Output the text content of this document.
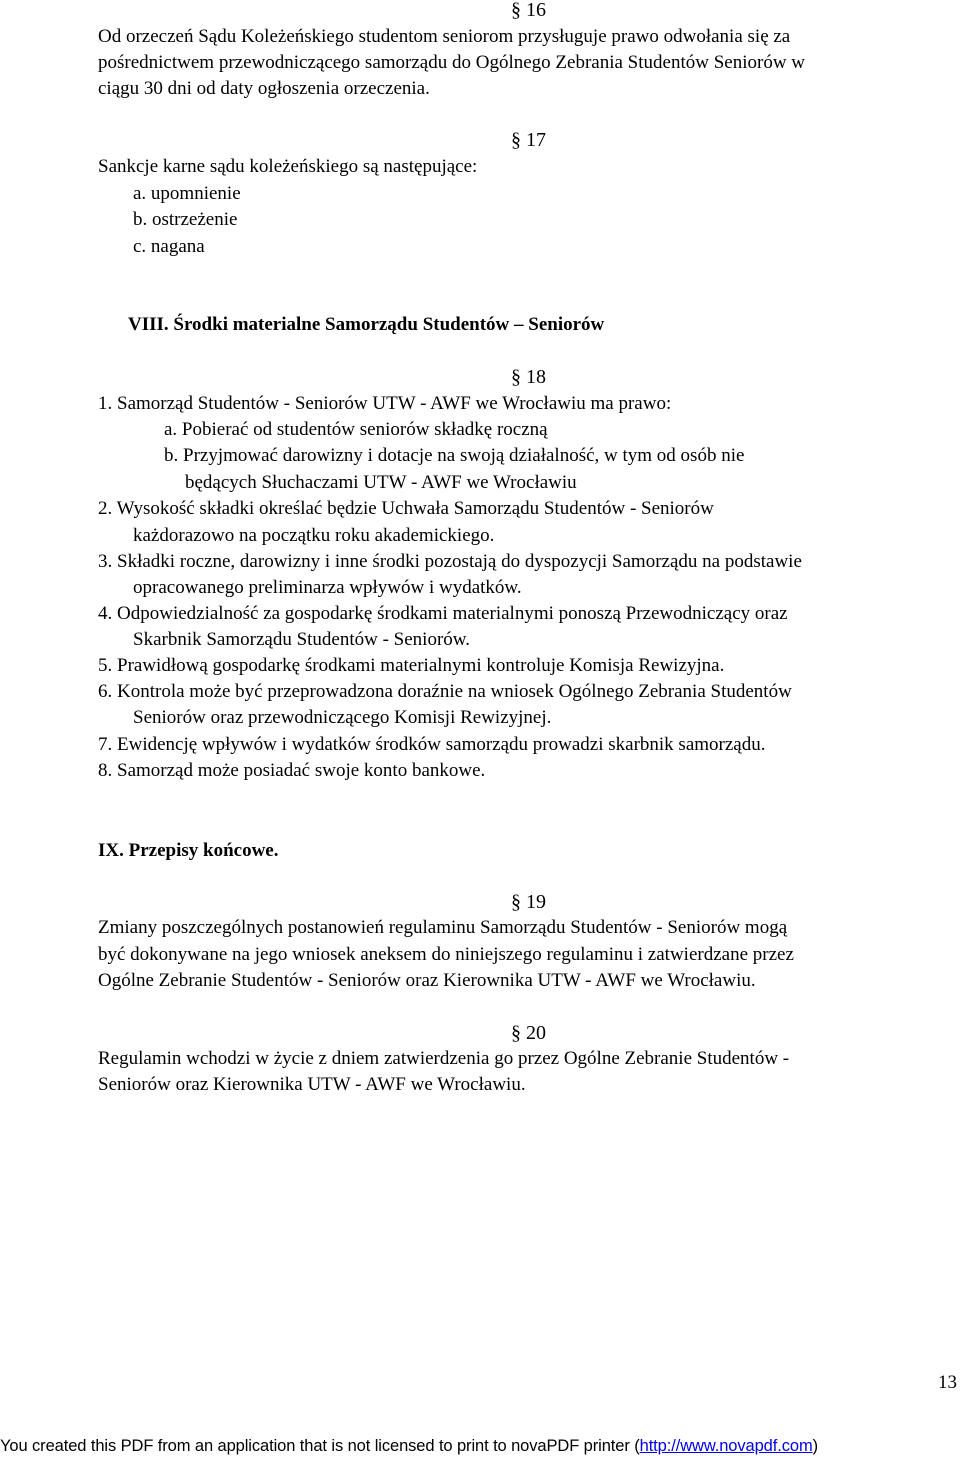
§ 16

Od orzeczeń Sądu Koleżeńskiego studentom seniorom przysługuje prawo odwołania się za

pośrednictwem przewodniczącego samorządu do Ogólnego Zebrania Studentów Seniorów w

ciągu 30 dni od daty ogłoszenia orzeczenia.

§ 17

Sankcje karne sądu koleżeńskiego są następujące:

a. upomnienie

b. ostrzeżenie

c. nagana

VIII. Środki materialne Samorządu Studentów – Seniorów

§ 18

1. Samorząd Studentów - Seniorów UTW - AWF we Wrocławiu ma prawo:

a. Pobierać od studentów seniorów składkę roczną

b. Przyjmować darowizny i dotacje na swoją działalność, w tym od osób nie

będących Słuchaczami UTW - AWF we Wrocławiu

2. Wysokość składki określać będzie Uchwała Samorządu Studentów - Seniorów

każdorazowo na początku roku akademickiego.

3. Składki roczne, darowizny i inne środki pozostają do dyspozycji Samorządu na podstawie

opracowanego preliminarza wpływów i wydatków.

4. Odpowiedzialność za gospodarkę środkami materialnymi ponoszą Przewodniczący oraz

Skarbnik Samorządu Studentów - Seniorów.

5. Prawidłową gospodarkę środkami materialnymi kontroluje Komisja Rewizyjna.

6. Kontrola może być przeprowadzona doraźnie na wniosek Ogólnego Zebrania Studentów

Seniorów oraz przewodniczącego Komisji Rewizyjnej.

7. Ewidencję wpływów i wydatków środków samorządu prowadzi skarbnik samorządu.

8. Samorząd może posiadać swoje konto bankowe.

IX. Przepisy końcowe.

§ 19

Zmiany poszczególnych postanowień regulaminu Samorządu Studentów - Seniorów mogą

być dokonywane na jego wniosek aneksem do niniejszego regulaminu i zatwierdzane przez

Ogólne Zebranie Studentów - Seniorów oraz Kierownika UTW - AWF we Wrocławiu.

§ 20

Regulamin wchodzi w życie z dniem zatwierdzenia go przez Ogólne Zebranie Studentów -

Seniorów oraz Kierownika UTW - AWF we Wrocławiu.

13

You created this PDF from an application that is not licensed to print to novaPDF printer (http://www.novapdf.com)
